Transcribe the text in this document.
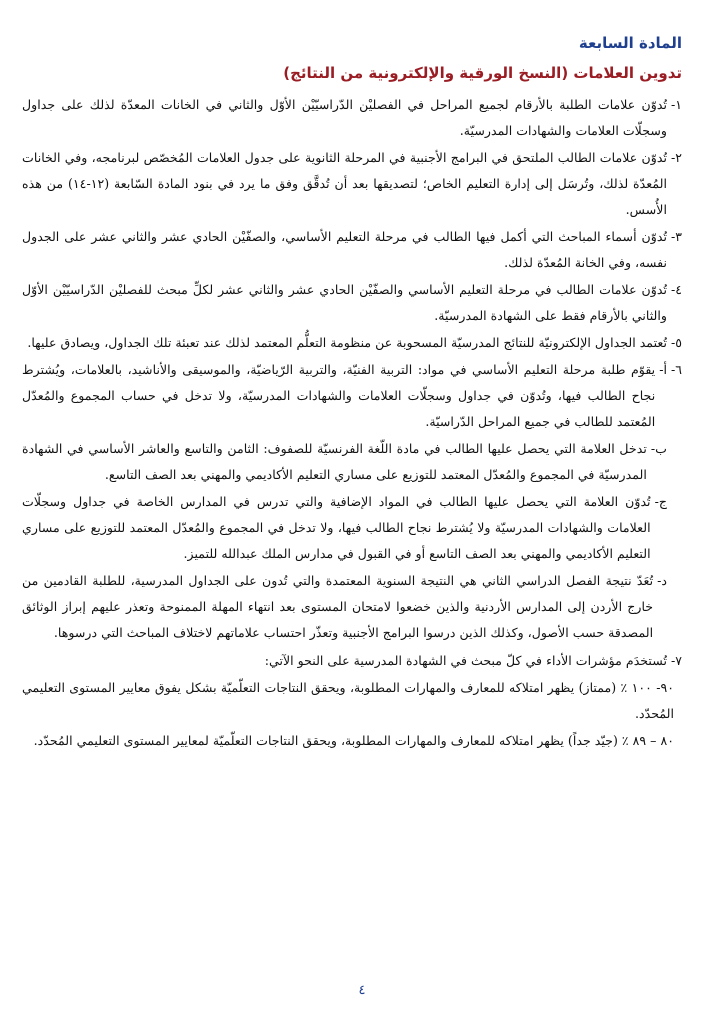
المادة السابعة
تدوين العلامات (النسخ الورقية والإلكترونية من النتائج)
١-
تُدوّن علامات الطلبة بالأرقام لجميع المراحل في الفصليْن الدّراسيّيْن الأوّل والثاني في الخانات المعدّة لذلك على جداول وسجلّات العلامات والشهادات المدرسيّة.
٢-
تُدوّن علامات الطالب الملتحق في البرامج الأجنبية في المرحلة الثانوية على جدول العلامات المُخصّص لبرنامجه، وفي الخانات المُعدّة لذلك، وتُرسَل إلى إدارة التعليم الخاص؛ لتصديقها بعد أن تُدقَّق وفق ما يرد في بنود المادة السّابعة (١٢-١٤) من هذه الأُسس.
٣-
تُدوّن أسماء المباحث التي أكمل فيها الطالب في مرحلة التعليم الأساسي، والصفّيْن الحادي عشر والثاني عشر على الجدول نفسه، وفي الخانة المُعدّة لذلك.
٤-
تُدوّن علامات الطالب في مرحلة التعليم الأساسي والصفّيْن الحادي عشر والثاني عشر لكلِّ مبحث للفصليْن الدّراسيّيْن الأوّل والثاني بالأرقام فقط على الشهادة المدرسيّة.
٥-
تُعتمد الجداول الإلكترونيّة للنتائج المدرسيّة المسحوبة عن منظومة التعلُّم المعتمد لذلك عند تعبئة تلك الجداول، ويصادق عليها.
٦-
أ-
يقوّم طلبة مرحلة التعليم الأساسي في مواد: التربية الفنيّة، والتربية الرّياضيّة، والموسيقى والأناشيد، بالعلامات، ويُشترط نجاح الطالب فيها، وتُدوّن في جداول وسجلّات العلامات والشهادات المدرسيّة، ولا تدخل في حساب المجموع والمُعدّل المُعتمد للطالب في جميع المراحل الدّراسيّة.
ب-
تدخل العلامة التي يحصل عليها الطالب في مادة اللّغة الفرنسيّة للصفوف: الثامن والتاسع والعاشر الأساسي في الشهادة المدرسيّة في المجموع والمُعدّل المعتمد للتوزيع على مساري التعليم الأكاديمي والمهني بعد الصف التاسع.
ج-
تُدوّن العلامة التي يحصل عليها الطالب في المواد الإضافية والتي تدرس في المدارس الخاصة في جداول وسجلّات العلامات والشهادات المدرسيّة ولا يُشترط نجاح الطالب فيها، ولا تدخل في المجموع والمُعدّل المعتمد للتوزيع على مساري التعليم الأكاديمي والمهني بعد الصف التاسع أو في القبول في مدارس الملك عبدالله للتميز.
د-
تُعَدّ نتيجة الفصل الدراسي الثاني هي النتيجة السنوية المعتمدة والتي تُدون على الجداول المدرسية، للطلبة القادمين من خارج الأردن إلى المدارس الأردنية والذين خضعوا لامتحان المستوى بعد انتهاء المهلة الممنوحة وتعذر عليهم إبراز الوثائق المصدقة حسب الأصول، وكذلك الذين درسوا البرامج الأجنبية وتعذّر احتساب علاماتهم لاختلاف المباحث التي درسوها.
٧-
تُستخدَم مؤشرات الأداء في كلّ مبحث في الشهادة المدرسية على النحو الآتي:
٩٠- ١٠٠ ٪ (ممتاز) يظهر امتلاكه للمعارف والمهارات المطلوبة، ويحقق النتاجات التعلّميّة بشكل يفوق معايير المستوى التعليمي المُحدّد.
٨٠ – ٨٩ ٪ (جيّد جداً) يظهر امتلاكه للمعارف والمهارات المطلوبة، ويحقق النتاجات التعلّميّة لمعايير المستوى التعليمي المُحدّد.
٤
